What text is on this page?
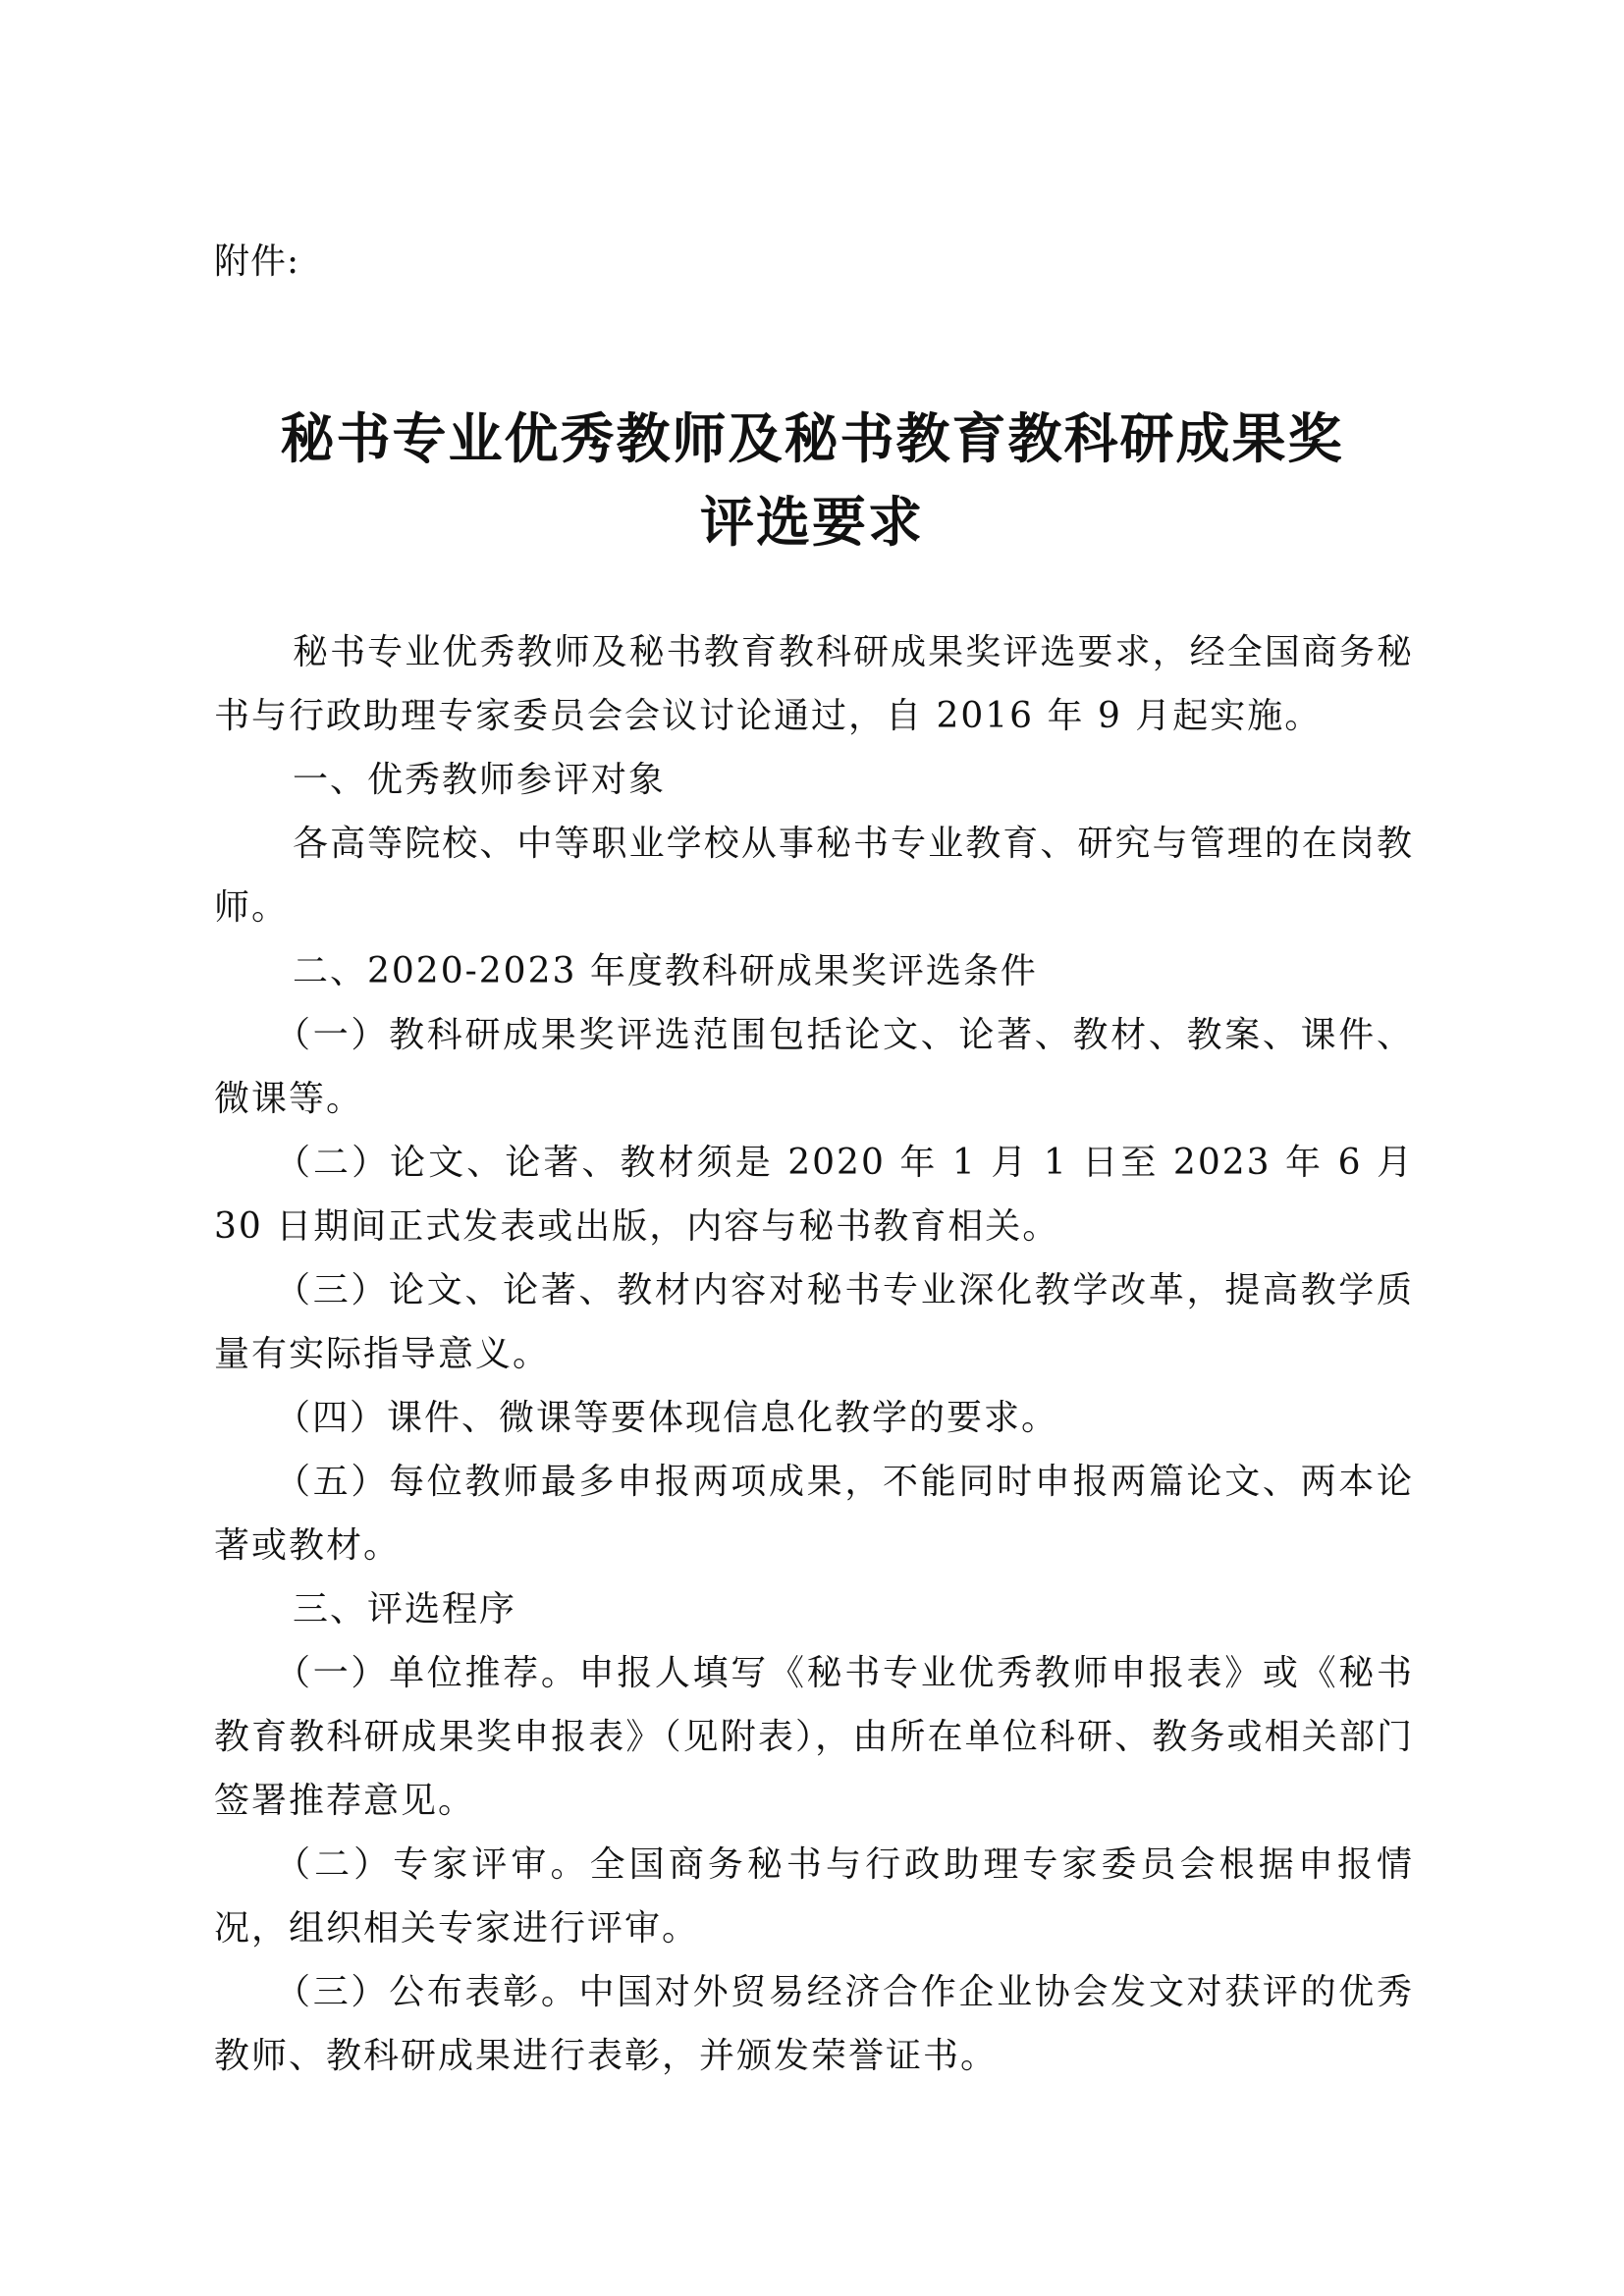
附件:
秘书专业优秀教师及秘书教育教科研成果奖
评选要求

秘书专业优秀教师及秘书教育教科研成果奖评选要求，经全国商务秘书与行政助理专家委员会会议讨论通过，自 2016 年 9 月起实施。

一、优秀教师参评对象

各高等院校、中等职业学校从事秘书专业教育、研究与管理的在岗教师。

二、2020-2023 年度教科研成果奖评选条件

（一）教科研成果奖评选范围包括论文、论著、教材、教案、课件、微课等。

（二）论文、论著、教材须是 2020 年 1 月 1 日至 2023 年 6 月 30 日期间正式发表或出版，内容与秘书教育相关。

（三）论文、论著、教材内容对秘书专业深化教学改革，提高教学质量有实际指导意义。

（四）课件、微课等要体现信息化教学的要求。

（五）每位教师最多申报两项成果，不能同时申报两篇论文、两本论著或教材。

三、评选程序

（一）单位推荐。申报人填写《秘书专业优秀教师申报表》或《秘书教育教科研成果奖申报表》（见附表），由所在单位科研、教务或相关部门签署推荐意见。

（二）专家评审。全国商务秘书与行政助理专家委员会根据申报情况，组织相关专家进行评审。

（三）公布表彰。中国对外贸易经济合作企业协会发文对获评的优秀教师、教科研成果进行表彰，并颁发荣誉证书。
